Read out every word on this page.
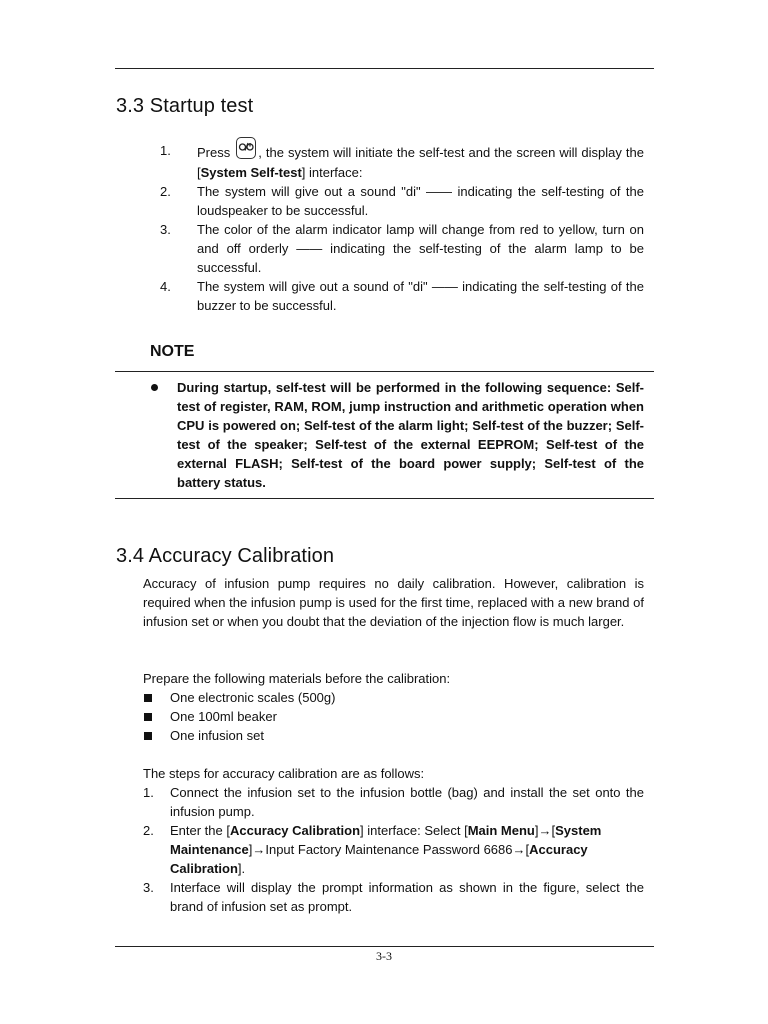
3.3 Startup test
1. Press
, the system will initiate the self-test and the screen will display the [System Self-test] interface:
2. The system will give out a sound "di" —— indicating the self-testing of the loudspeaker to be successful.
3. The color of the alarm indicator lamp will change from red to yellow, turn on and off orderly —— indicating the self-testing of the alarm lamp to be successful.
4. The system will give out a sound of "di" —— indicating the self-testing of the buzzer to be successful.
NOTE
During startup, self-test will be performed in the following sequence: Self-test of register, RAM, ROM, jump instruction and arithmetic operation when CPU is powered on; Self-test of the alarm light; Self-test of the buzzer; Self-test of the speaker; Self-test of the external EEPROM; Self-test of the external FLASH; Self-test of the board power supply; Self-test of the battery status.
3.4 Accuracy Calibration

Accuracy of infusion pump requires no daily calibration. However, calibration is required when the infusion pump is used for the first time, replaced with a new brand of infusion set or when you doubt that the deviation of the injection flow is much larger.

Prepare the following materials before the calibration:

One electronic scales (500g)
One 100ml beaker
One infusion set

The steps for accuracy calibration are as follows:

1. Connect the infusion set to the infusion bottle (bag) and install the set onto the infusion pump.
2. Enter the [Accuracy Calibration] interface: Select [Main Menu]→[System Maintenance]→Input Factory Maintenance Password 6686→[Accuracy Calibration].
3. Interface will display the prompt information as shown in the figure, select the brand of infusion set as prompt.
3-3
